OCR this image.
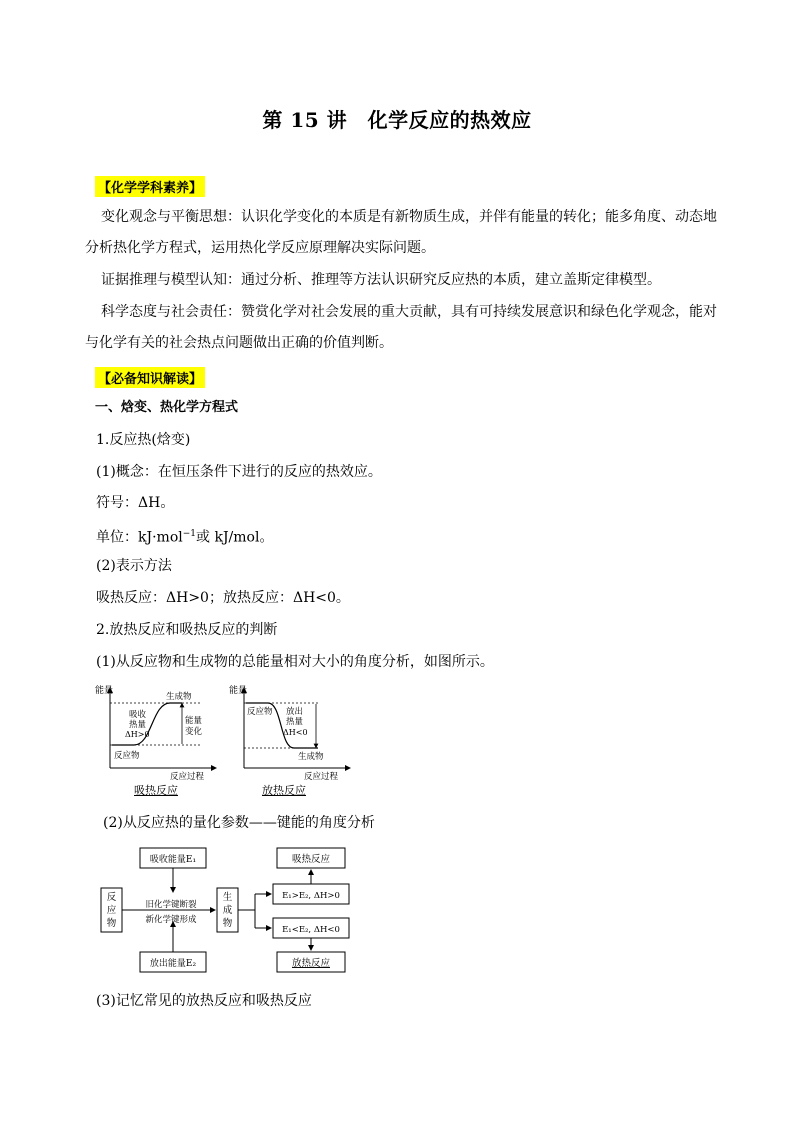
第 15 讲　化学反应的热效应
【化学学科素养】
变化观念与平衡思想：认识化学变化的本质是有新物质生成，并伴有能量的转化；能多角度、动态地分析热化学方程式，运用热化学反应原理解决实际问题。
证据推理与模型认知：通过分析、推理等方法认识研究反应热的本质，建立盖斯定律模型。
科学态度与社会责任：赞赏化学对社会发展的重大贡献，具有可持续发展意识和绿色化学观念，能对与化学有关的社会热点问题做出正确的价值判断。
【必备知识解读】
一、焓变、热化学方程式
1.反应热(焓变)
(1)概念：在恒压条件下进行的反应的热效应。
符号：ΔH。
单位：kJ·mol$^{-1}$或 kJ/mol。
(2)表示方法
吸热反应：ΔH>0；放热反应：ΔH<0。
2.放热反应和吸热反应的判断
(1)从反应物和生成物的总能量相对大小的角度分析，如图所示。
能量
生成物
吸收
热量
ΔH>0
能量
变化
反应物
反应过程
吸热反应
能量
反应物 放出
热量
ΔH<0
生成物
反应过程
放热反应
(2)从反应热的量化参数——键能的角度分析
吸收能量E₁
放出能量E₂
反
应
物
旧化学键断裂
新化学键形成
生
成
物
E₁>E₂, ΔH>0
E₁<E₂, ΔH<0
吸热反应
放热反应
(3)记忆常见的放热反应和吸热反应
